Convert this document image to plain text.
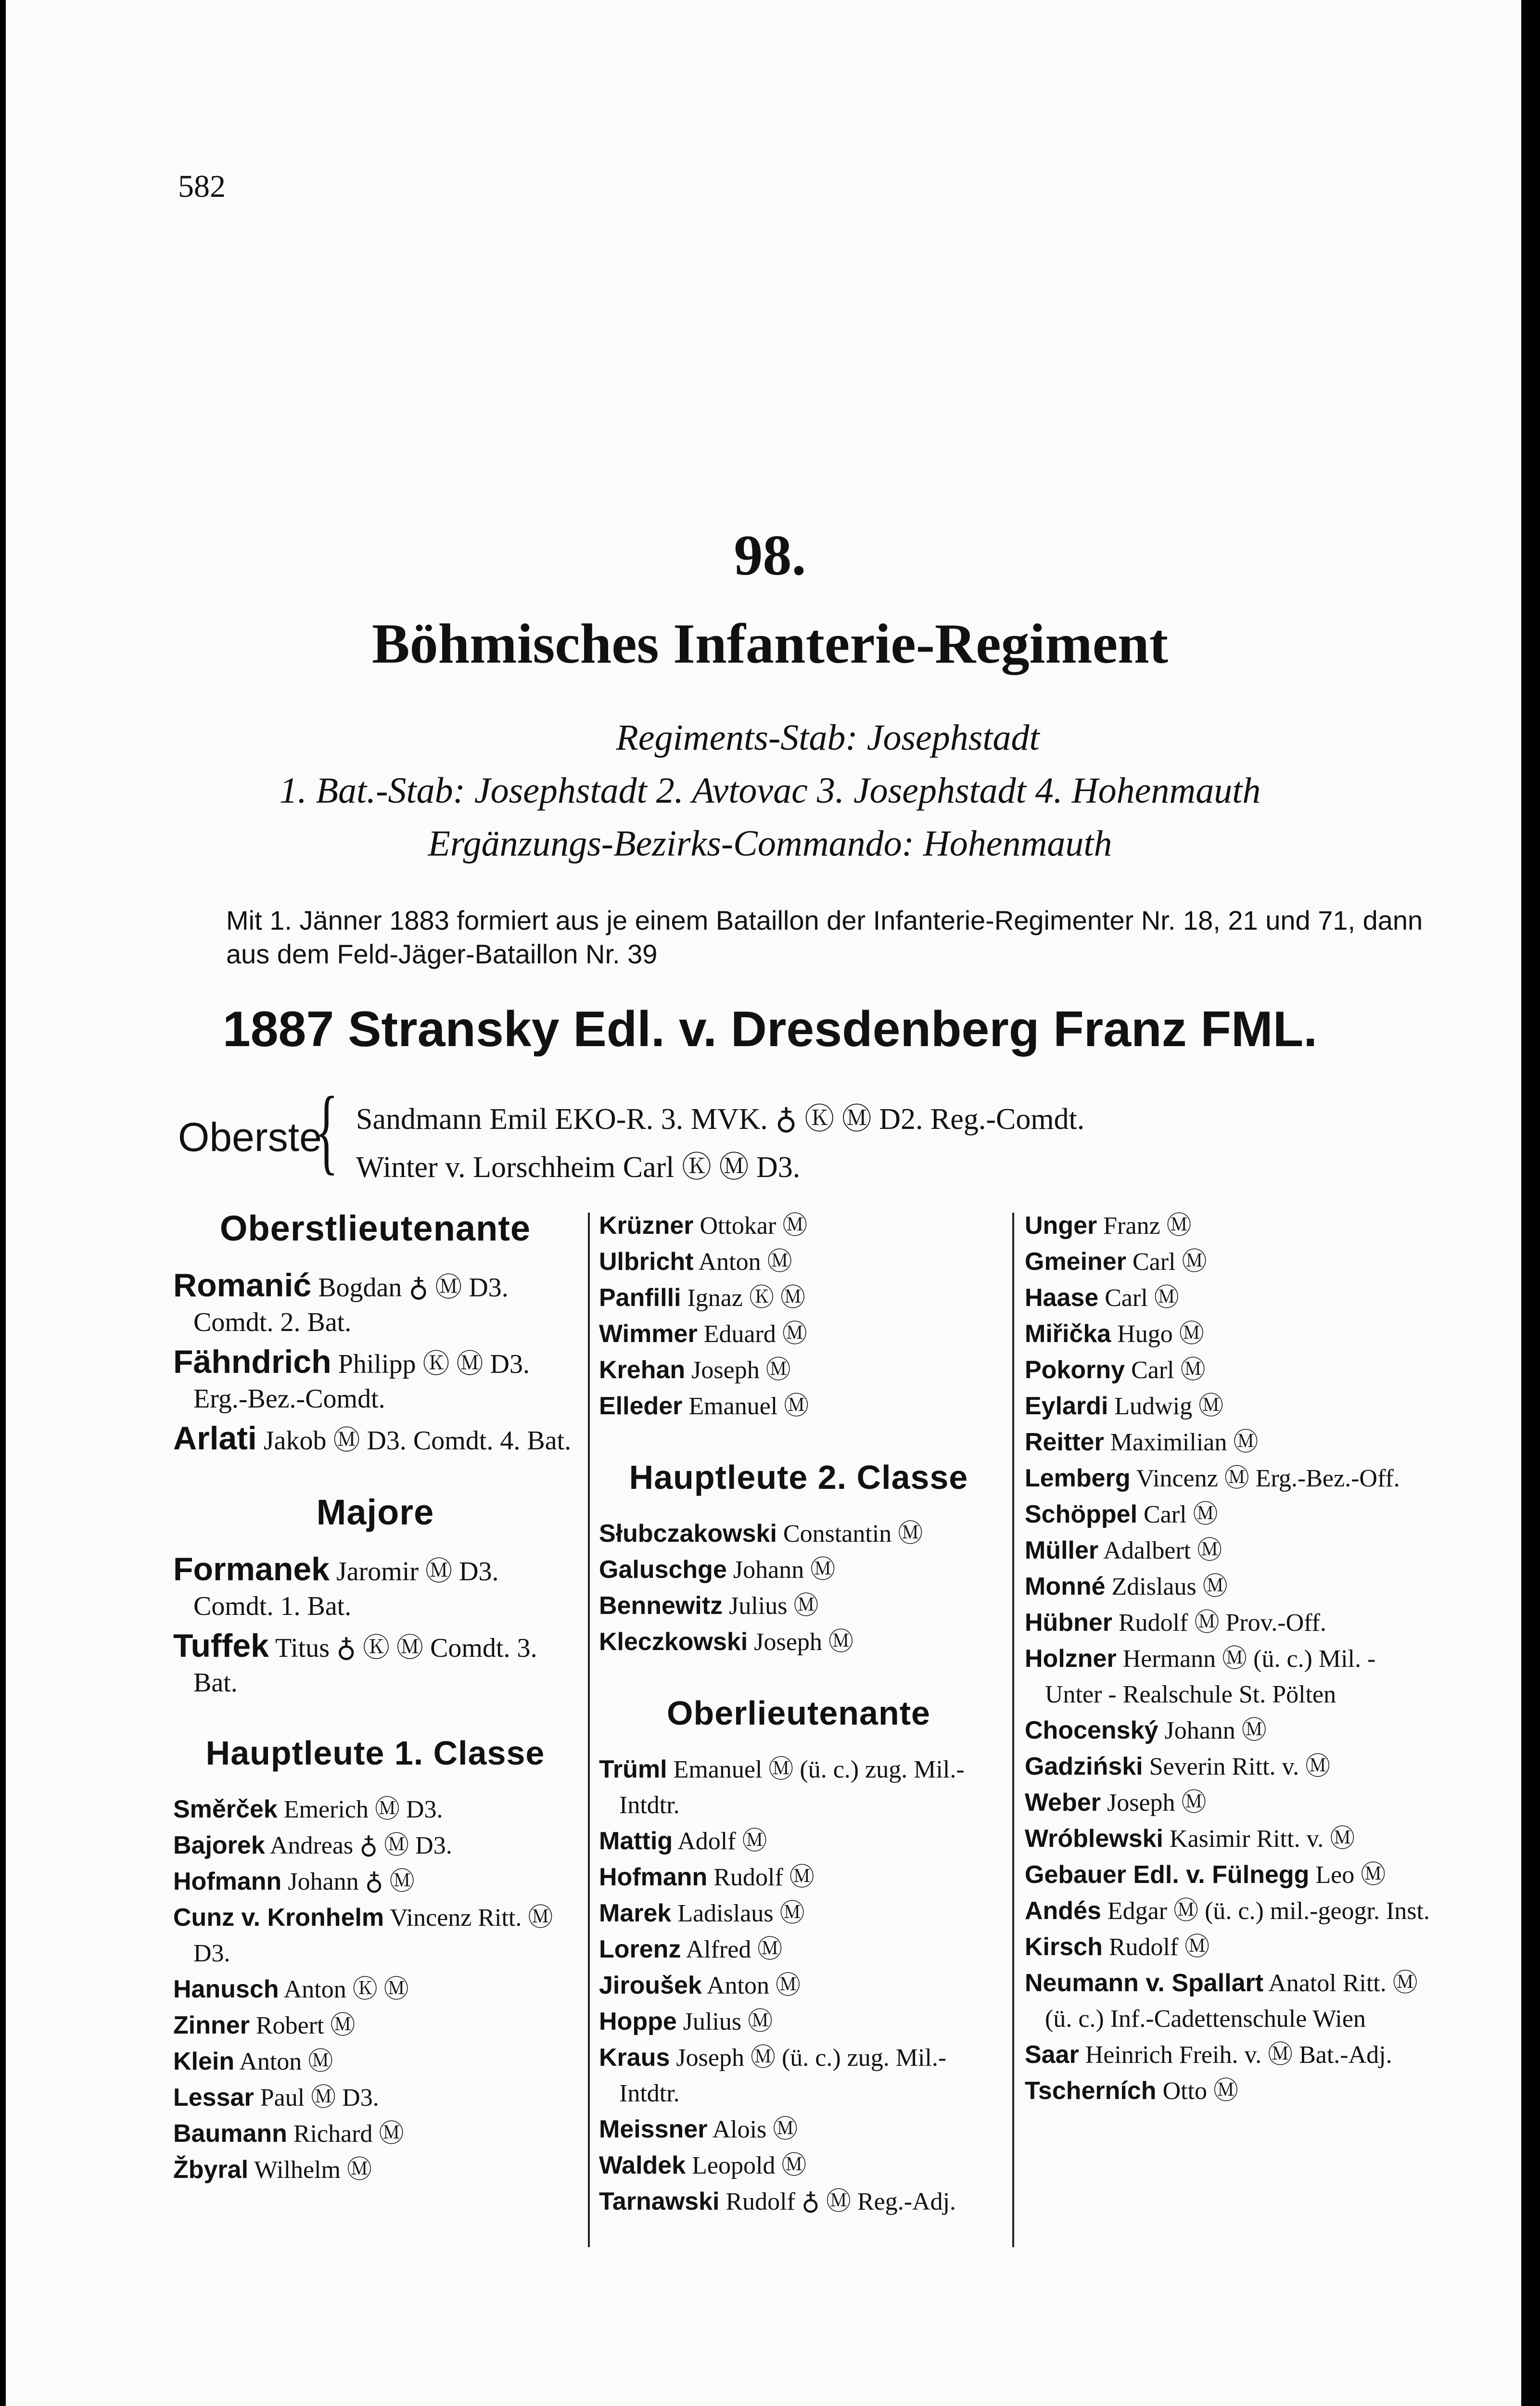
582
98.
Böhmisches Infanterie-Regiment
Regiments-Stab: Josephstadt
1. Bat.-Stab: Josephstadt 2. Avtovac 3. Josephstadt 4. Hohenmauth
Ergänzungs-Bezirks-Commando: Hohenmauth
Mit 1. Jänner 1883 formiert aus je einem Bataillon der Infanterie-Regimenter Nr. 18, 21 und 71, dann aus dem Feld-Jäger-Bataillon Nr. 39
1887 Stransky Edl. v. Dresdenberg Franz FML.
Oberste
{ Sandmann Emil EKO-R. 3. MVK. ♁ Ⓚ Ⓜ D2. Reg.-Comdt.
Winter v. Lorschheim Carl Ⓚ Ⓜ D3.
Oberstlieutenante

Romanić Bogdan ♁ Ⓜ D3. Comdt. 2. Bat.

Fähndrich Philipp Ⓚ Ⓜ D3. Erg.-Bez.-Comdt.

Arlati Jakob Ⓜ D3. Comdt. 4. Bat.

Majore

Formanek Jaromir Ⓜ D3. Comdt. 1. Bat.

Tuffek Titus ♁ Ⓚ Ⓜ Comdt. 3. Bat.

Hauptleute 1. Classe

Směrček Emerich Ⓜ D3.

Bajorek Andreas ♁ Ⓜ D3.

Hofmann Johann ♁ Ⓜ

Cunz v. Kronhelm Vincenz Ritt. Ⓜ D3.

Hanusch Anton Ⓚ Ⓜ

Zinner Robert Ⓜ

Klein Anton Ⓜ

Lessar Paul Ⓜ D3.

Baumann Richard Ⓜ

Žbyral Wilhelm Ⓜ

Krüzner Ottokar Ⓜ

Ulbricht Anton Ⓜ

Panfilli Ignaz Ⓚ Ⓜ

Wimmer Eduard Ⓜ

Krehan Joseph Ⓜ

Elleder Emanuel Ⓜ

Hauptleute 2. Classe

Słubczakowski Constantin Ⓜ

Galuschge Johann Ⓜ

Bennewitz Julius Ⓜ

Kleczkowski Joseph Ⓜ

Oberlieutenante

Trüml Emanuel Ⓜ (ü. c.) zug. Mil.-Intdtr.

Mattig Adolf Ⓜ

Hofmann Rudolf Ⓜ

Marek Ladislaus Ⓜ

Lorenz Alfred Ⓜ

Jiroušek Anton Ⓜ

Hoppe Julius Ⓜ

Kraus Joseph Ⓜ (ü. c.) zug. Mil.-Intdtr.

Meissner Alois Ⓜ

Waldek Leopold Ⓜ

Tarnawski Rudolf ♁ Ⓜ Reg.-Adj.

Unger Franz Ⓜ

Gmeiner Carl Ⓜ

Haase Carl Ⓜ

Miřička Hugo Ⓜ

Pokorny Carl Ⓜ

Eylardi Ludwig Ⓜ

Reitter Maximilian Ⓜ

Lemberg Vincenz Ⓜ Erg.-Bez.-Off.

Schöppel Carl Ⓜ

Müller Adalbert Ⓜ

Monné Zdislaus Ⓜ

Hübner Rudolf Ⓜ Prov.-Off.

Holzner Hermann Ⓜ (ü. c.) Mil. - Unter - Realschule St. Pölten

Chocenský Johann Ⓜ

Gadziński Severin Ritt. v. Ⓜ

Weber Joseph Ⓜ

Wróblewski Kasimir Ritt. v. Ⓜ

Gebauer Edl. v. Fülnegg Leo Ⓜ

Andés Edgar Ⓜ (ü. c.) mil.-geogr. Inst.

Kirsch Rudolf Ⓜ

Neumann v. Spallart Anatol Ritt. Ⓜ (ü. c.) Inf.-Cadettenschule Wien

Saar Heinrich Freih. v. Ⓜ Bat.-Adj.

Tscherních Otto Ⓜ
